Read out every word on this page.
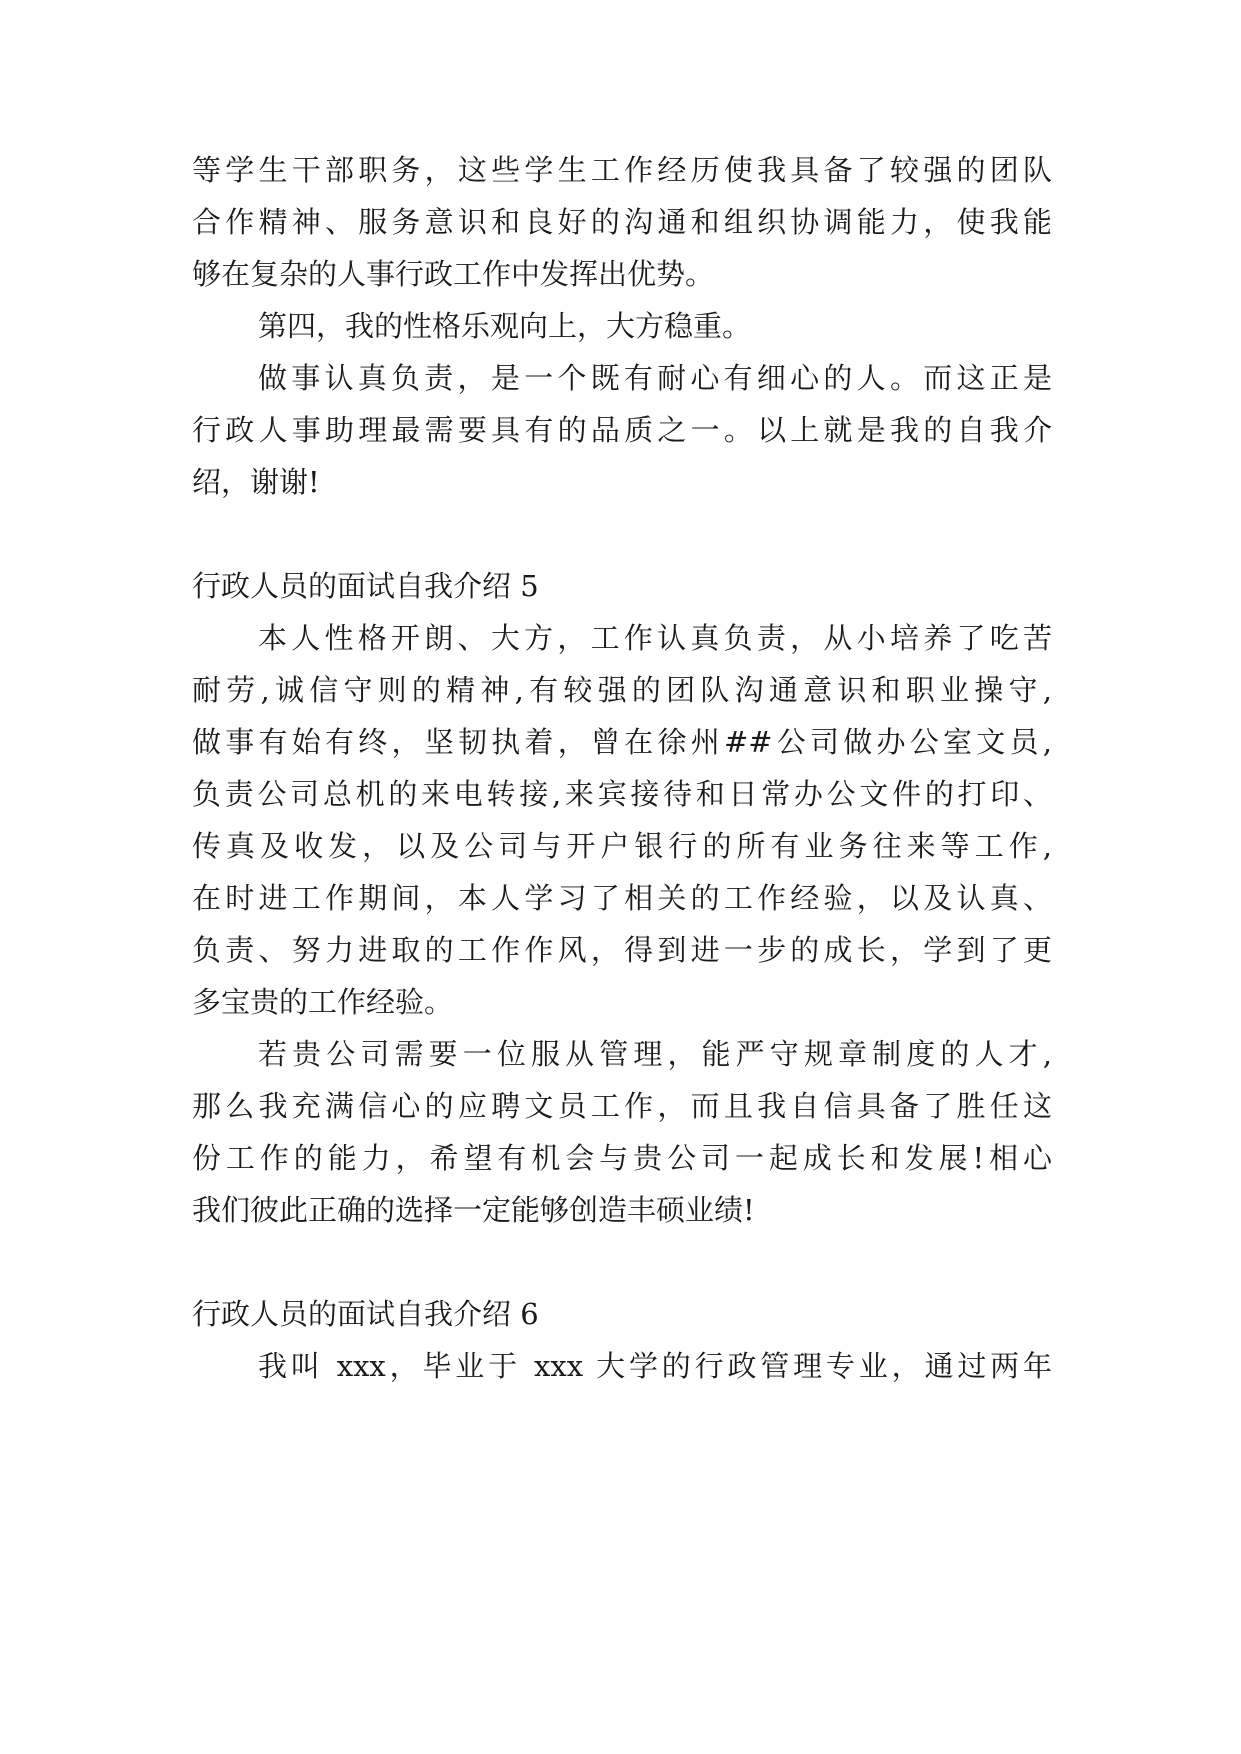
等学生干部职务，这些学生工作经历使我具备了较强的团队
合作精神、服务意识和良好的沟通和组织协调能力，使我能
够在复杂的人事行政工作中发挥出优势。
第四，我的性格乐观向上，大方稳重。
做事认真负责，是一个既有耐心有细心的人。而这正是
行政人事助理最需要具有的品质之一。以上就是我的自我介
绍，谢谢!
行政人员的面试自我介绍 5
本人性格开朗、大方，工作认真负责，从小培养了吃苦
耐劳,诚信守则的精神,有较强的团队沟通意识和职业操守,
做事有始有终，坚韧执着，曾在徐州##公司做办公室文员,
负责公司总机的来电转接,来宾接待和日常办公文件的打印、
传真及收发，以及公司与开户银行的所有业务往来等工作,
在时进工作期间，本人学习了相关的工作经验，以及认真、
负责、努力进取的工作作风，得到进一步的成长，学到了更
多宝贵的工作经验。
若贵公司需要一位服从管理，能严守规章制度的人才,
那么我充满信心的应聘文员工作，而且我自信具备了胜任这
份工作的能力，希望有机会与贵公司一起成长和发展!相心
我们彼此正确的选择一定能够创造丰硕业绩!
行政人员的面试自我介绍 6
我叫 xxx，毕业于 xxx 大学的行政管理专业，通过两年
